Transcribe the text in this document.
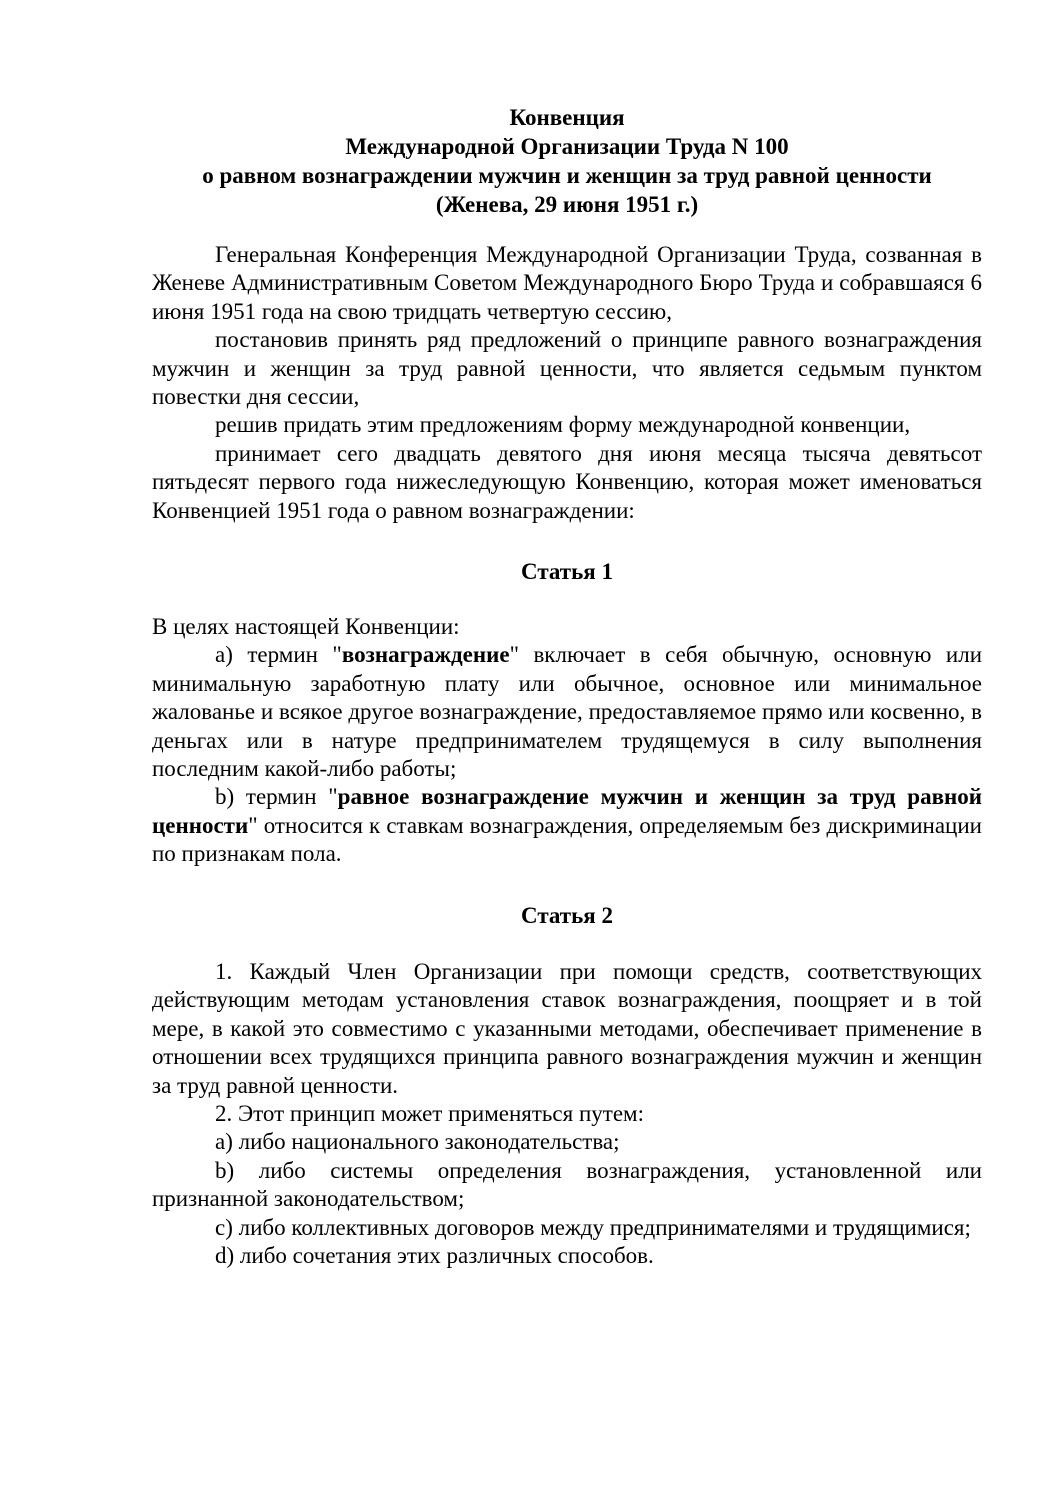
Конвенция
Международной Организации Труда N 100
о равном вознаграждении мужчин и женщин за труд равной ценности
(Женева, 29 июня 1951 г.)

Генеральная Конференция Международной Организации Труда, созванная в Женеве Административным Советом Международного Бюро Труда и собравшаяся 6 июня 1951 года на свою тридцать четвертую сессию,

постановив принять ряд предложений о принципе равного вознаграждения мужчин и женщин за труд равной ценности, что является седьмым пунктом повестки дня сессии,

решив придать этим предложениям форму международной конвенции,

принимает сего двадцать девятого дня июня месяца тысяча девятьсот пятьдесят первого года нижеследующую Конвенцию, которая может именоваться Конвенцией 1951 года о равном вознаграждении:

Статья 1

В целях настоящей Конвенции:

а) термин "вознаграждение" включает в себя обычную, основную или минимальную заработную плату или обычное, основное или минимальное жалованье и всякое другое вознаграждение, предоставляемое прямо или косвенно, в деньгах или в натуре предпринимателем трудящемуся в силу выполнения последним какой-либо работы;

b) термин "равное вознаграждение мужчин и женщин за труд равной ценности" относится к ставкам вознаграждения, определяемым без дискриминации по признакам пола.

Статья 2

1. Каждый Член Организации при помощи средств, соответствующих действующим методам установления ставок вознаграждения, поощряет и в той мере, в какой это совместимо с указанными методами, обеспечивает применение в отношении всех трудящихся принципа равного вознаграждения мужчин и женщин за труд равной ценности.

2. Этот принцип может применяться путем:

а) либо национального законодательства;

b) либо системы определения вознаграждения, установленной или признанной законодательством;

с) либо коллективных договоров между предпринимателями и трудящимися;

d) либо сочетания этих различных способов.
